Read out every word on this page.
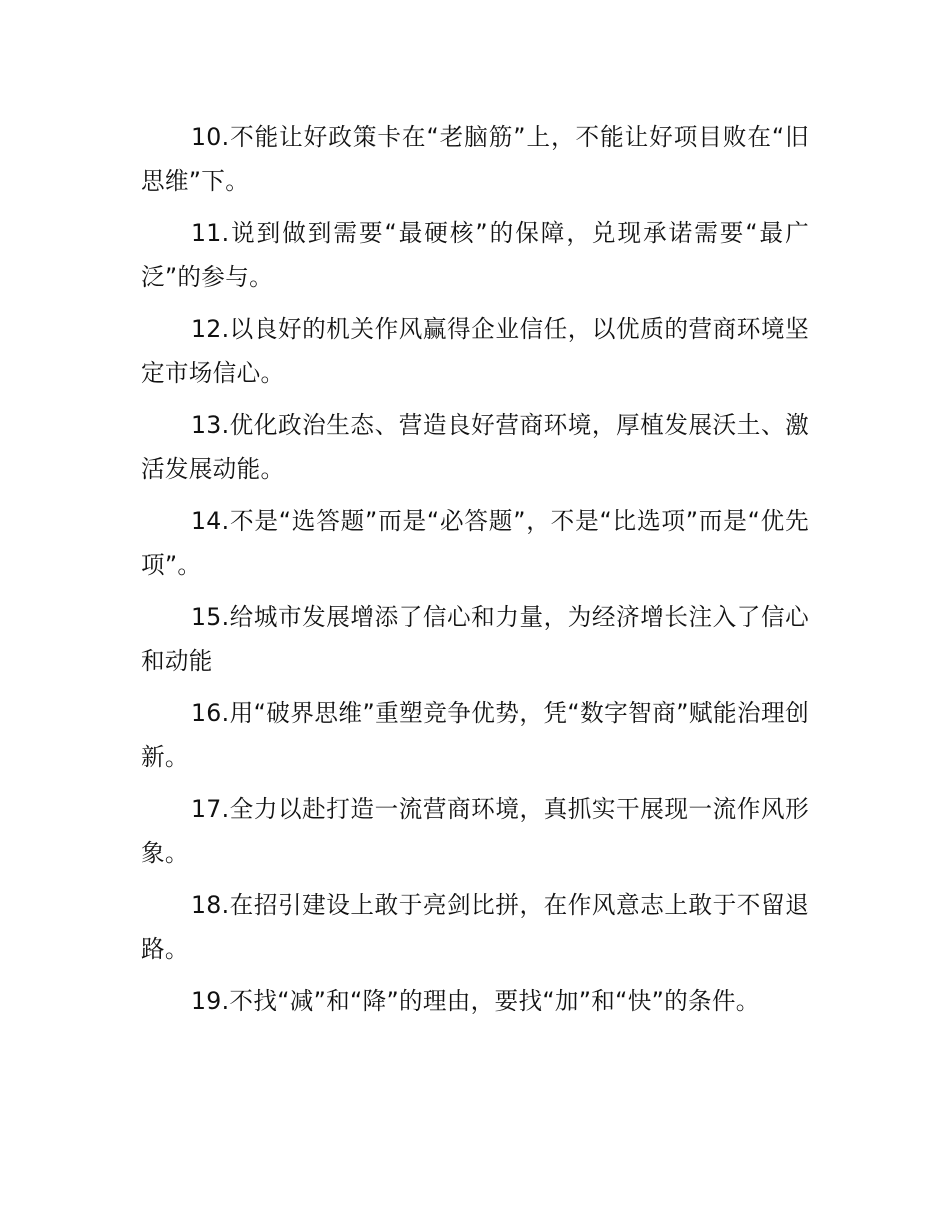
10.不能让好政策卡在“老脑筋”上，不能让好项目败在“旧思维”下。

11.说到做到需要“最硬核”的保障，兑现承诺需要“最广泛”的参与。

12.以良好的机关作风赢得企业信任，以优质的营商环境坚定市场信心。

13.优化政治生态、营造良好营商环境，厚植发展沃土、激活发展动能。

14.不是“选答题”而是“必答题”，不是“比选项”而是“优先项”。

15.给城市发展增添了信心和力量，为经济增长注入了信心和动能

16.用“破界思维”重塑竞争优势，凭“数字智商”赋能治理创新。

17.全力以赴打造一流营商环境，真抓实干展现一流作风形象。

18.在招引建设上敢于亮剑比拼，在作风意志上敢于不留退路。

19.不找“减”和“降”的理由，要找“加”和“快”的条件。
